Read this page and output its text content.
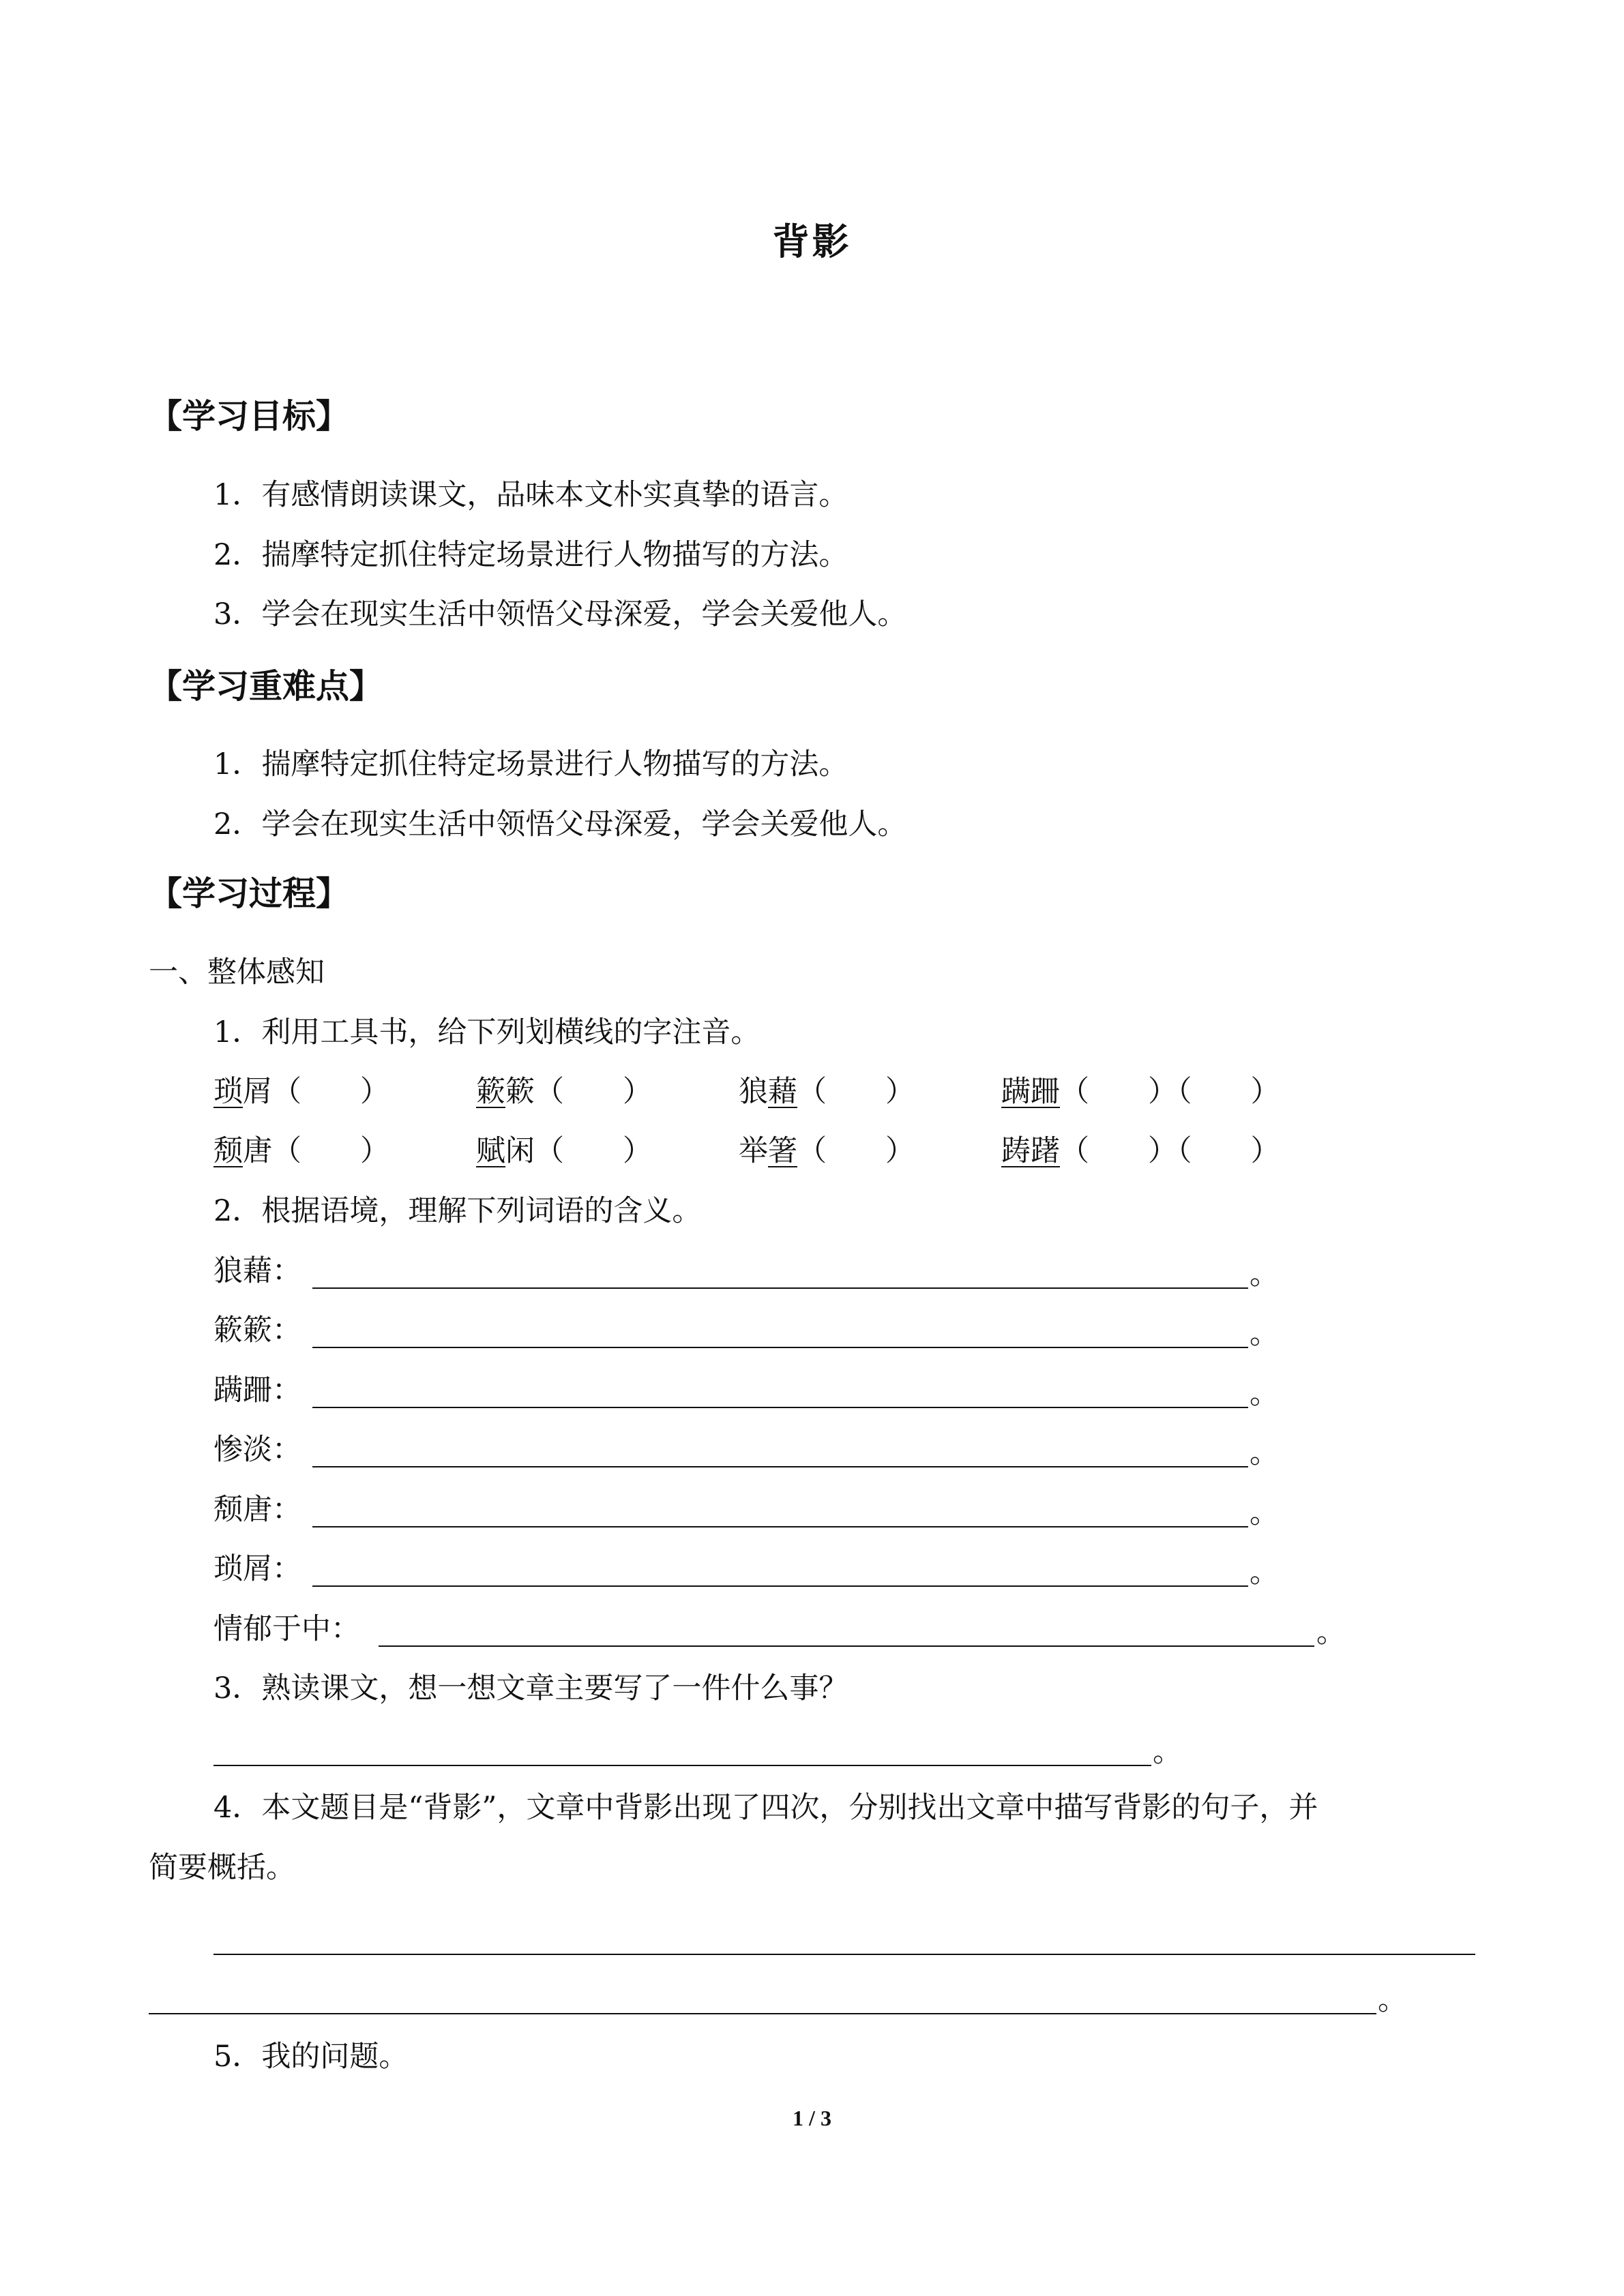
背影
【学习目标】
1．有感情朗读课文，品味本文朴实真挚的语言。
2．揣摩特定抓住特定场景进行人物描写的方法。
3．学会在现实生活中领悟父母深爱，学会关爱他人。
【学习重难点】
1．揣摩特定抓住特定场景进行人物描写的方法。
2．学会在现实生活中领悟父母深爱，学会关爱他人。
【学习过程】
一、整体感知
1．利用工具书，给下列划横线的字注音。
琐屑（　　）	簌簌（　　）	狼藉（　　）	蹒跚（　　）（　　）
颓唐（　　）	赋闲（　　）	举箸（　　）	踌躇（　　）（　　）
2．根据语境，理解下列词语的含义。
狼藉：	。
簌簌：	。
蹒跚：	。
惨淡：	。
颓唐：	。
琐屑：	。
情郁于中：	。
3．熟读课文，想一想文章主要写了一件什么事？
。
4．本文题目是“背影”，文章中背影出现了四次，分别找出文章中描写背影的句子，并
简要概括。
。
5．我的问题。
1 / 3
